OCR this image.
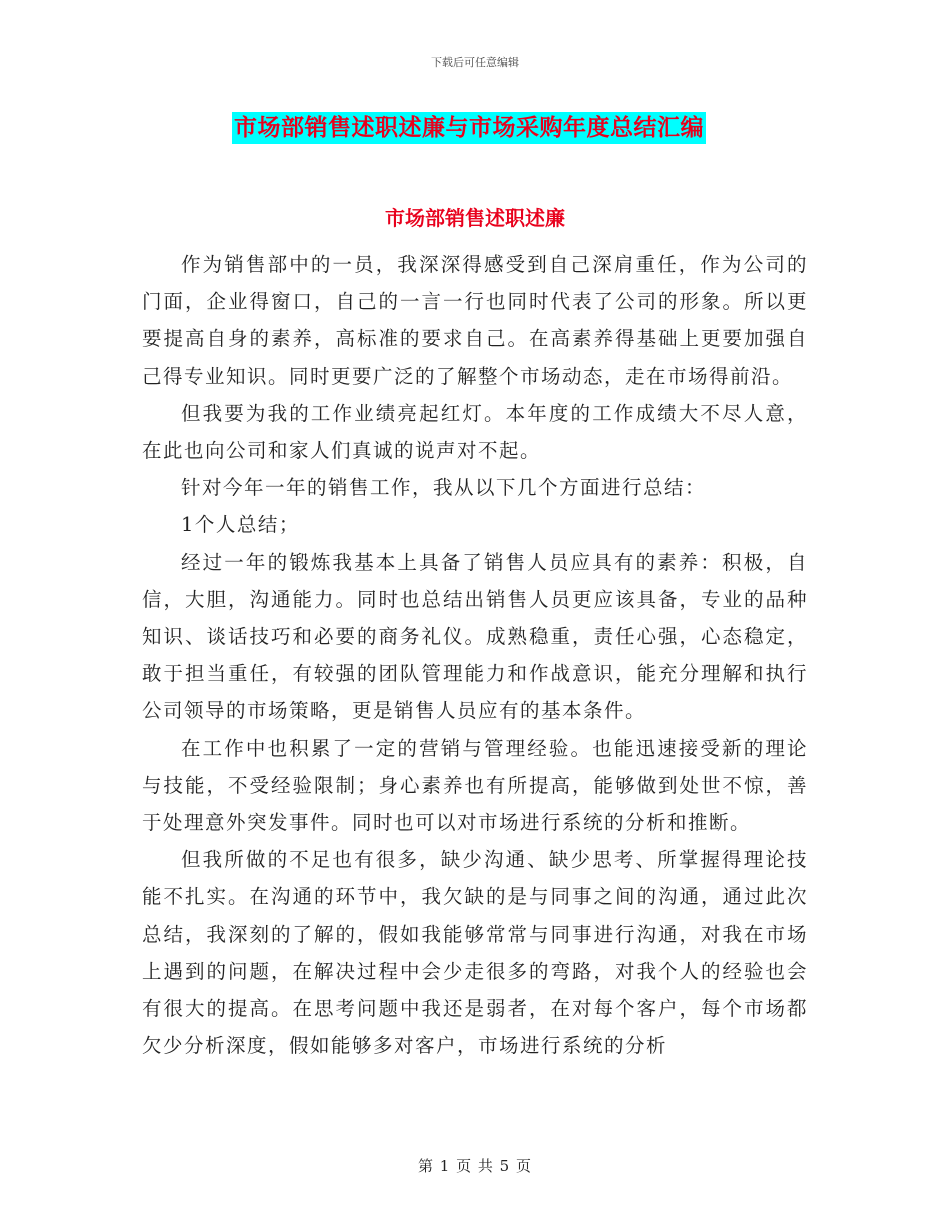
下载后可任意编辑
市场部销售述职述廉与市场采购年度总结汇编
市场部销售述职述廉

作为销售部中的一员，我深深得感受到自己深肩重任，作为公司的门面，企业得窗口，自己的一言一行也同时代表了公司的形象。所以更要提高自身的素养，高标准的要求自己。在高素养得基础上更要加强自己得专业知识。同时更要广泛的了解整个市场动态，走在市场得前沿。

但我要为我的工作业绩亮起红灯。本年度的工作成绩大不尽人意，在此也向公司和家人们真诚的说声对不起。

针对今年一年的销售工作，我从以下几个方面进行总结：

1个人总结；

经过一年的锻炼我基本上具备了销售人员应具有的素养：积极，自信，大胆，沟通能力。同时也总结出销售人员更应该具备，专业的品种知识、谈话技巧和必要的商务礼仪。成熟稳重，责任心强，心态稳定，敢于担当重任，有较强的团队管理能力和作战意识，能充分理解和执行公司领导的市场策略，更是销售人员应有的基本条件。

在工作中也积累了一定的营销与管理经验。也能迅速接受新的理论与技能，不受经验限制；身心素养也有所提高，能够做到处世不惊，善于处理意外突发事件。同时也可以对市场进行系统的分析和推断。

但我所做的不足也有很多，缺少沟通、缺少思考、所掌握得理论技能不扎实。在沟通的环节中，我欠缺的是与同事之间的沟通，通过此次总结，我深刻的了解的，假如我能够常常与同事进行沟通，对我在市场上遇到的问题，在解决过程中会少走很多的弯路，对我个人的经验也会有很大的提高。在思考问题中我还是弱者，在对每个客户，每个市场都欠少分析深度，假如能够多对客户，市场进行系统的分析

第 1 页 共 5 页
